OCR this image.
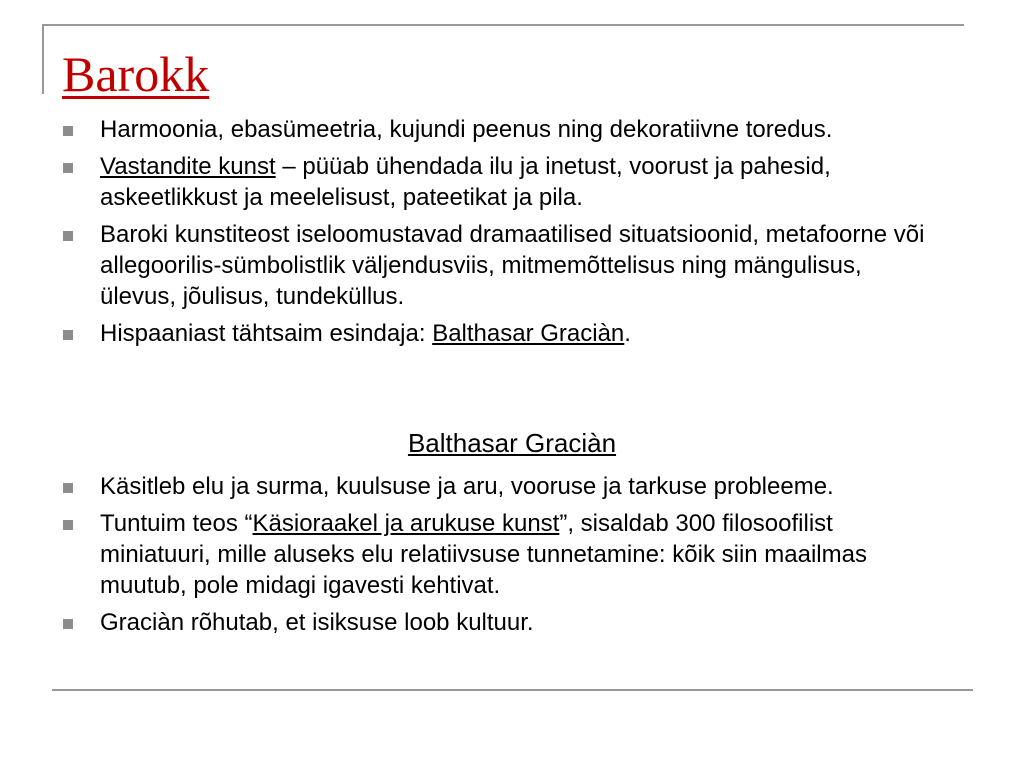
Barokk
Harmoonia, ebasümeetria, kujundi peenus ning dekoratiivne toredus.
Vastandite kunst – püüab ühendada ilu ja inetust, voorust ja pahesid, askeetlikkust ja meelelisust, pateetikat ja pila.
Baroki kunstiteost iseloomustavad dramaatilised situatsioonid, metafoorne või allegoorilis-sümbolistlik väljendusviis, mitmemõttelisus ning mängulisus, ülevus, jõulisus, tundeküllus.
Hispaaniast tähtsaim esindaja: Balthasar Graciàn.
Balthasar Graciàn
Käsitleb elu ja surma, kuulsuse ja aru, vooruse ja tarkuse probleeme.
Tuntuim teos “Käsioraakel ja arukuse kunst”, sisaldab 300 filosoofilist miniatuuri, mille aluseks elu relatiivsuse tunnetamine: kõik siin maailmas muutub, pole midagi igavesti kehtivat.
Graciàn rõhutab, et isiksuse loob kultuur.
